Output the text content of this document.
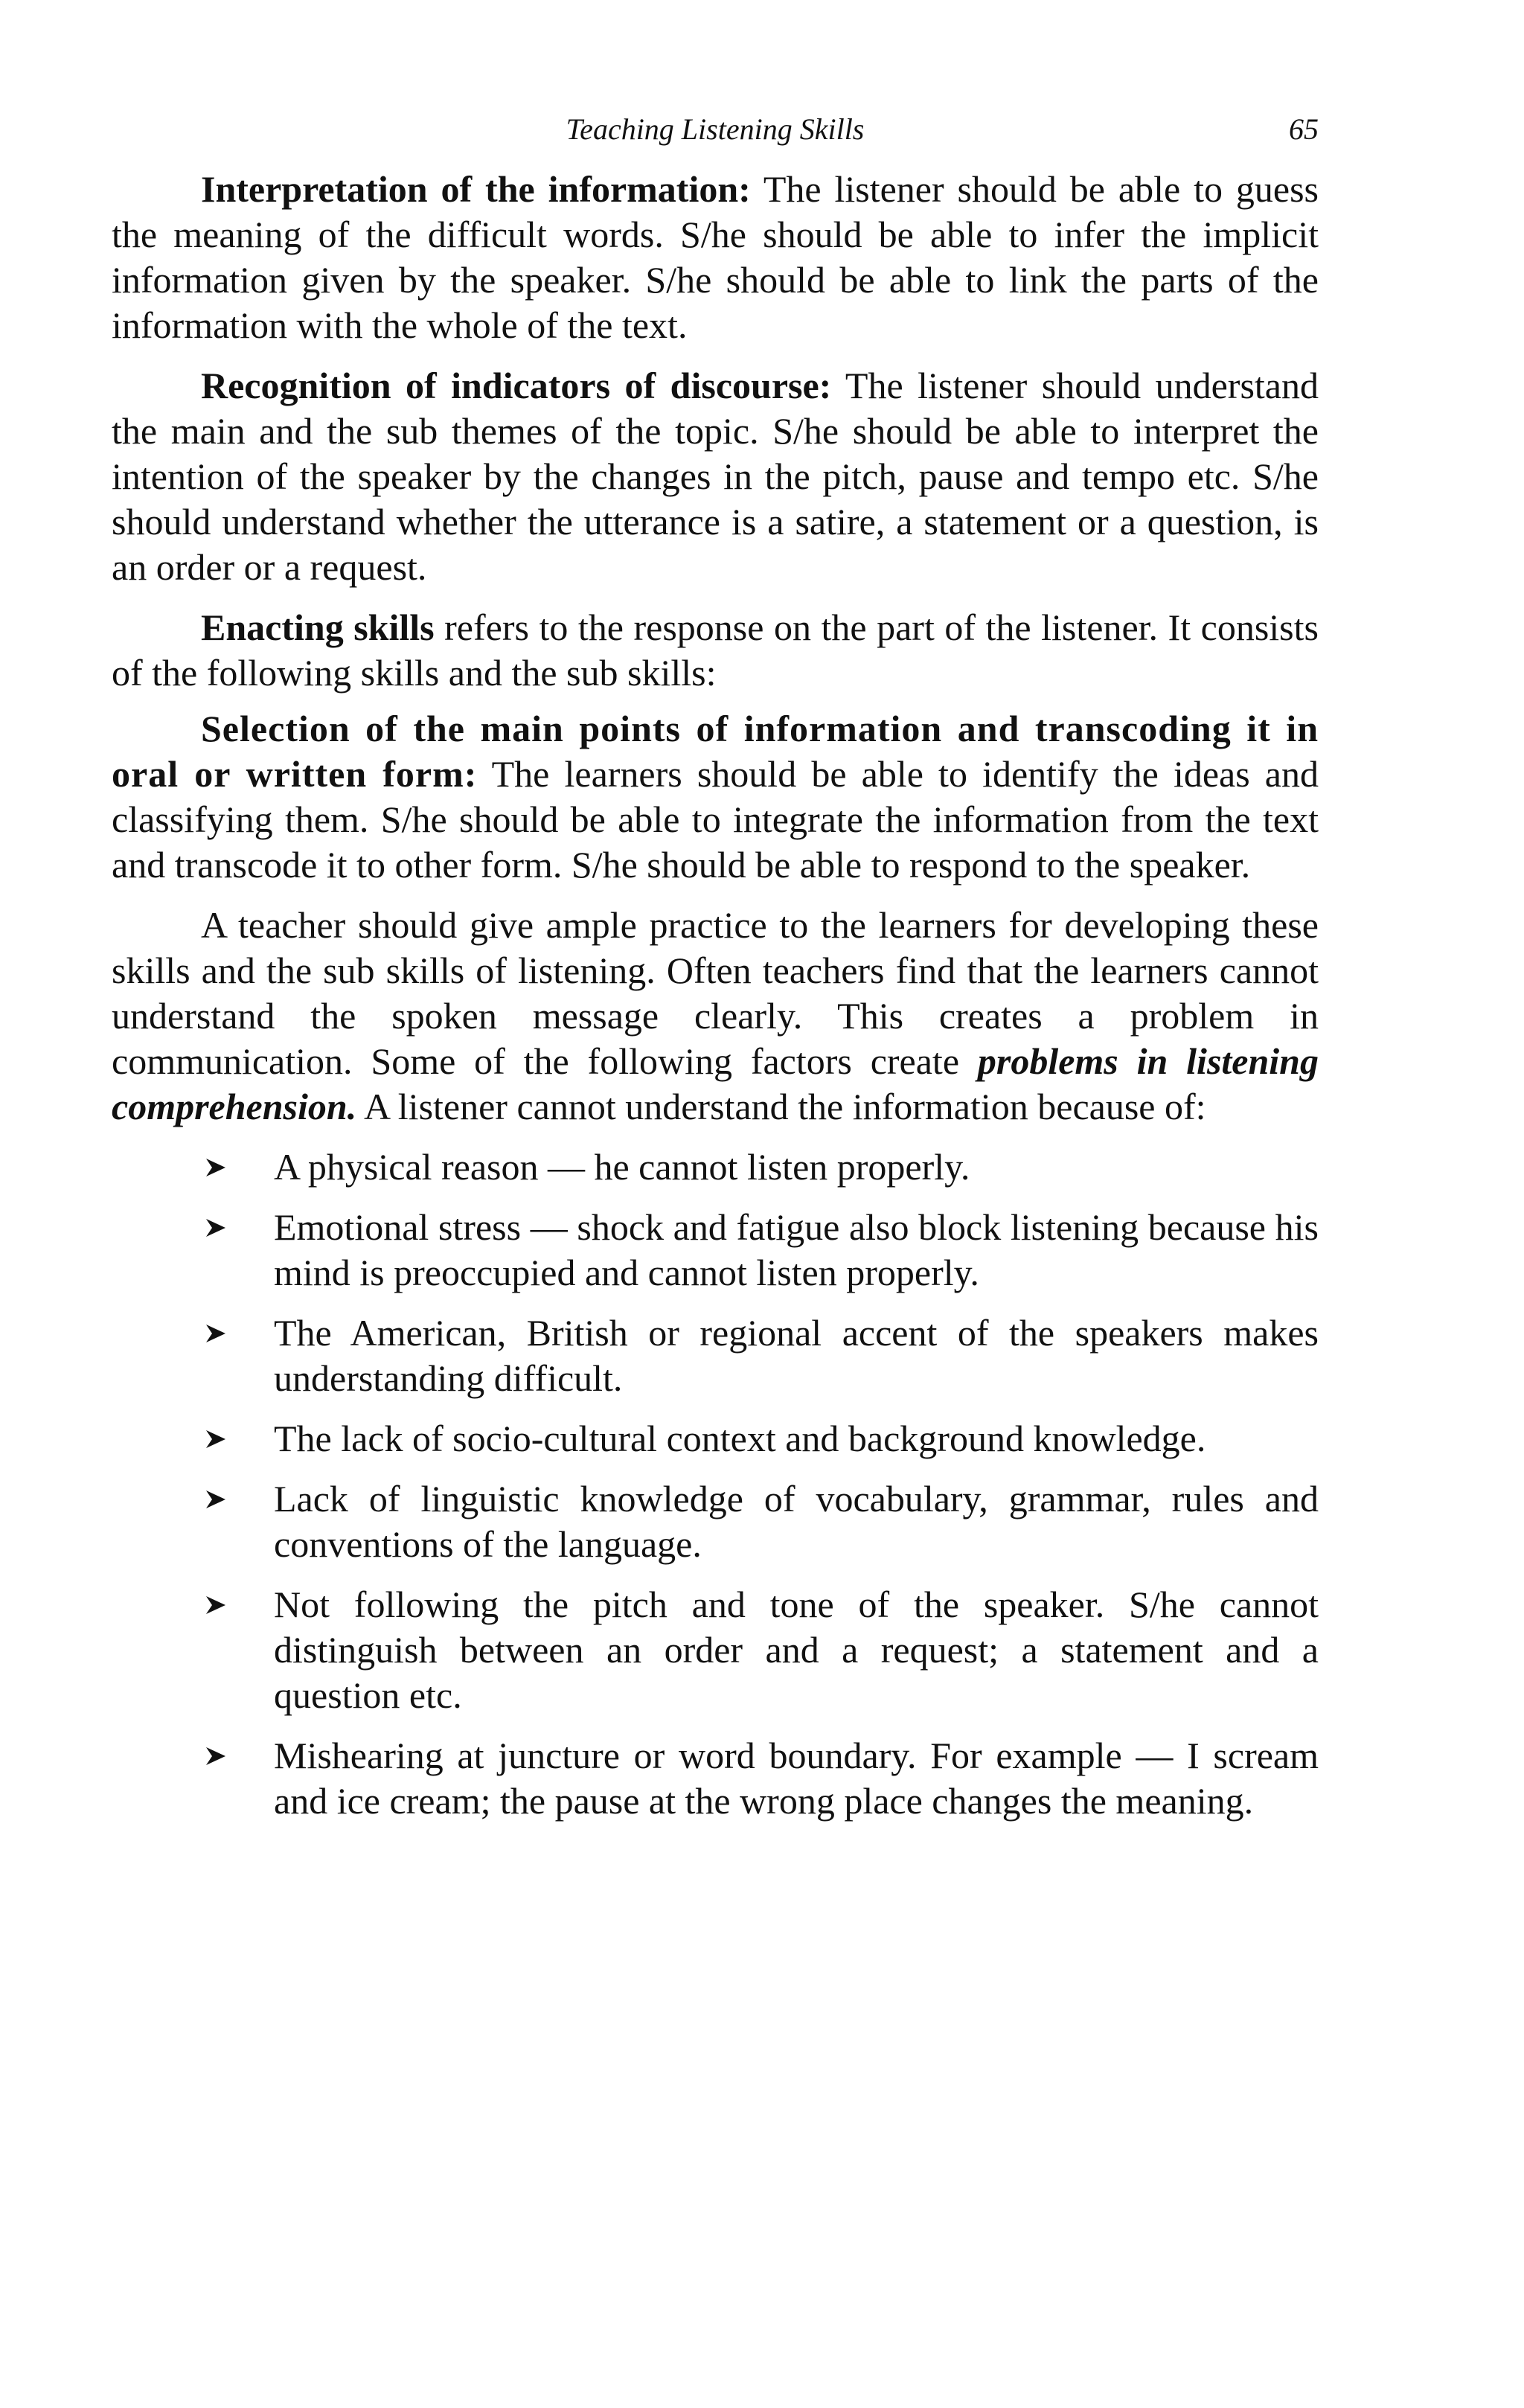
Teaching Listening Skills	65

Interpretation of the information: The listener should be able to guess the meaning of the difficult words. S/he should be able to infer the implicit information given by the speaker. S/he should be able to link the parts of the information with the whole of the text.

Recognition of indicators of discourse: The listener should understand the main and the sub themes of the topic. S/he should be able to interpret the intention of the speaker by the changes in the pitch, pause and tempo etc. S/he should understand whether the utterance is a satire, a statement or a question, is an order or a request.

Enacting skills refers to the response on the part of the listener. It consists of the following skills and the sub skills:

Selection of the main points of information and transcoding it in oral or written form: The learners should be able to identify the ideas and classifying them. S/he should be able to integrate the information from the text and transcode it to other form. S/he should be able to respond to the speaker.

A teacher should give ample practice to the learners for developing these skills and the sub skills of listening. Often teachers find that the learners cannot understand the spoken message clearly. This creates a problem in communication. Some of the following factors create problems in listening comprehension. A listener cannot understand the information because of:

A physical reason — he cannot listen properly.
Emotional stress — shock and fatigue also block listening because his mind is preoccupied and cannot listen properly.
The American, British or regional accent of the speakers makes understanding difficult.
The lack of socio-cultural context and background knowledge.
Lack of linguistic knowledge of vocabulary, grammar, rules and conventions of the language.
Not following the pitch and tone of the speaker. S/he cannot distinguish between an order and a request; a statement and a question etc.
Mishearing at juncture or word boundary. For example — I scream and ice cream; the pause at the wrong place changes the meaning.
